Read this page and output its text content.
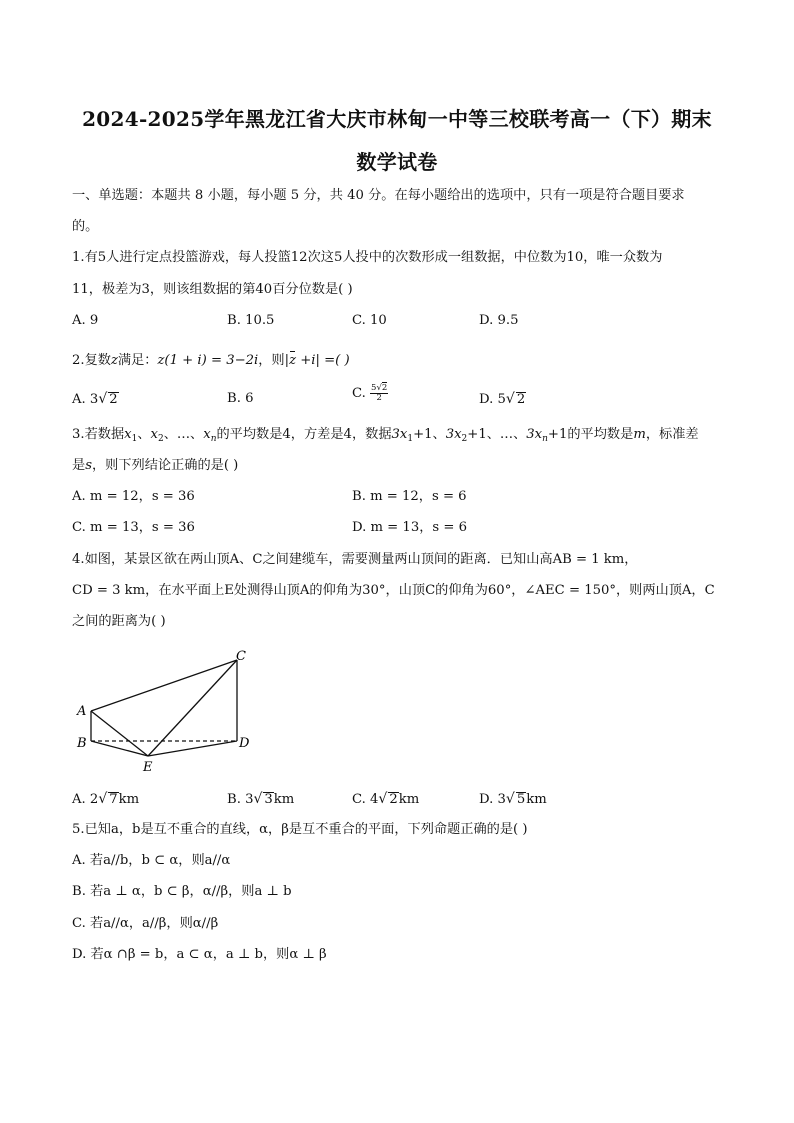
2024-2025学年黑龙江省大庆市林甸一中等三校联考高一（下）期末
数学试卷
一、单选题：本题共 8 小题，每小题 5 分，共 40 分。在每小题给出的选项中，只有一项是符合题目要求
的。
1.有5人进行定点投篮游戏，每人投篮12次这5人投中的次数形成一组数据，中位数为10，唯一众数为
11，极差为3，则该组数据的第40百分位数是( )
A. 9	B. 10.5	C. 10	D. 9.5
2.复数z满足：z(1 + i) = 3−2i，则|z +i| =( )
A. 3√ 2	B. 6	C. $\frac{5√2}{2}$	D. 5√ 2
3.若数据$x_1$、$x_2$、…、$x_n$的平均数是4，方差是4，数据$3x_1+1$、$3x_2+1$、…、$3x_n+1$的平均数是m，标准差
是s，则下列结论正确的是( )
A. m = 12，s = 36	B. m = 12，s = 6
C. m = 13，s = 36	D. m = 13，s = 6
4.如图，某景区欲在两山顶A、C之间建缆车，需要测量两山顶间的距离．已知山高AB = 1 km，
CD = 3 km，在水平面上E处测得山顶A的仰角为30°，山顶C的仰角为60°，∠AEC = 150°，则两山顶A，C
之间的距离为( )
A
B
C
D
E
A. 2√ 7km	B. 3√ 3km	C. 4√ 2km	D. 3√ 5km
5.已知a，b是互不重合的直线，α，β是互不重合的平面，下列命题正确的是( )
A. 若a//b，b ⊂ α，则a//α
B. 若a ⊥ α，b ⊂ β，α//β，则a ⊥ b
C. 若a//α，a//β，则α//β
D. 若α ∩β = b，a ⊂ α，a ⊥ b，则α ⊥ β
